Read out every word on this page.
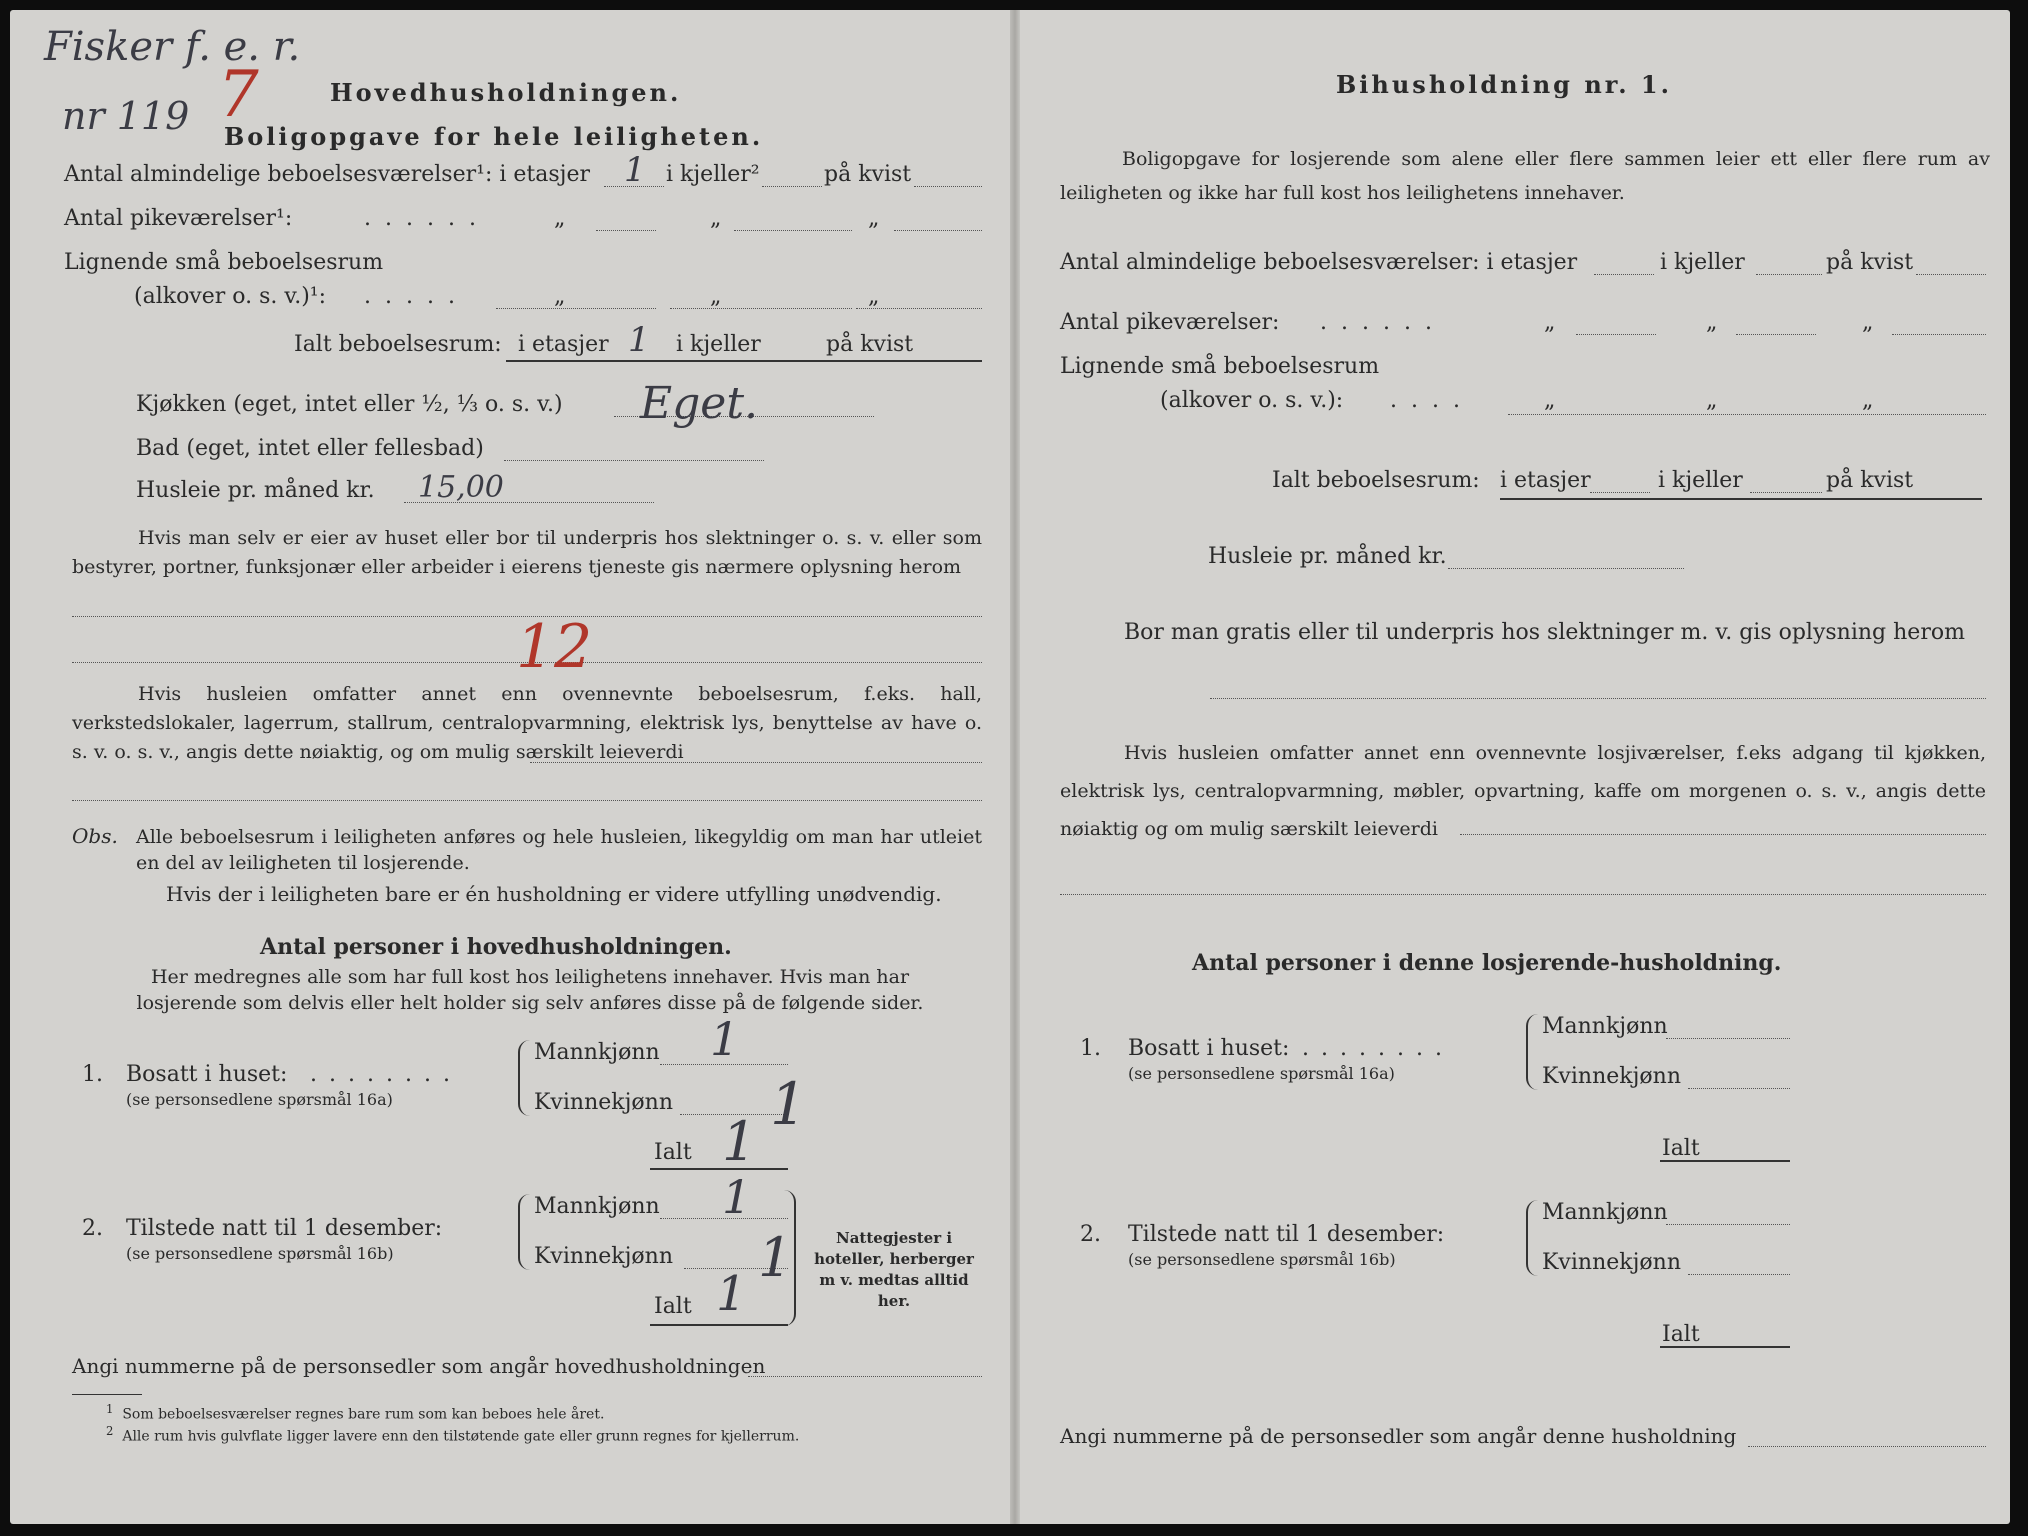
Fisker f. e. r.
nr 119 7	Hovedhusholdningen.
Boligopgave for hele leiligheten.
Antal almindelige beboelsesværelser¹: i etasjer 1 i kjeller²	på kvist
Antal pikeværelser¹:	......	„	„	„
Lignende små beboelsesrum
(alkover o. s. v.)¹: .....	„	„	„
Ialt beboelsesrum: i etasjer 1 i kjeller	på kvist
Kjøkken (eget, intet eller ½, ⅓ o. s. v.) Eget.
Bad (eget, intet eller fellesbad)
Husleie pr. måned kr. 15,00
Hvis man selv er eier av huset eller bor til underpris hos slektninger o. s. v. eller som bestyrer, portner, funksjonær eller arbeider i eierens tjeneste gis nærmere oplysning herom
12
Hvis husleien omfatter annet enn ovennevnte beboelsesrum, f.eks. hall, verkstedslokaler, lagerrum, stallrum, centralopvarmning, elektrisk lys, benyttelse av have o. s. v. o. s. v., angis dette nøiaktig, og om mulig særskilt leieverdi
Obs. Alle beboelsesrum i leiligheten anføres og hele husleien, likegyldig om man har utleiet en del av leiligheten til losjerende.
Hvis der i leiligheten bare er én husholdning er videre utfylling unødvendig.
Antal personer i hovedhusholdningen.
Her medregnes alle som har full kost hos leilighetens innehaver. Hvis man har losjerende som delvis eller helt holder sig selv anføres disse på de følgende sider.
1. Bosatt i huset: ........
(se personsedlene spørsmål 16a)
Mannkjønn 1
Kvinnekjønn 1
Ialt 1
2. Tilstede natt til 1 desember:
(se personsedlene spørsmål 16b)
Mannkjønn 1
Kvinnekjønn 1
Ialt 1
Nattegjester i hoteller, herberger m v. medtas alltid her.
Angi nummerne på de personsedler som angår hovedhusholdningen
$^1$ Som beboelsesværelser regnes bare rum som kan beboes hele året.
$^2$ Alle rum hvis gulvflate ligger lavere enn den tilstøtende gate eller grunn regnes for kjellerrum.
Bihusholdning nr. 1.
Boligopgave for losjerende som alene eller flere sammen leier ett eller flere rum av leiligheten og ikke har full kost hos leilighetens innehaver.
Antal almindelige beboelsesværelser: i etasjer	i kjeller	på kvist
Antal pikeværelser: ......	„	„	„
Lignende små beboelsesrum
(alkover o. s. v.): ....	„	„	„
Ialt beboelsesrum: i etasjer	i kjeller	på kvist
Husleie pr. måned kr.
Bor man gratis eller til underpris hos slektninger m. v. gis oplysning herom
Hvis husleien omfatter annet enn ovennevnte losjiværelser, f.eks adgang til kjøkken, elektrisk lys, centralopvarmning, møbler, opvartning, kaffe om morgenen o. s. v., angis dette nøiaktig og om mulig særskilt leieverdi
Antal personer i denne losjerende-husholdning.
1. Bosatt i huset: ........
(se personsedlene spørsmål 16a)
Mannkjønn
Kvinnekjønn
Ialt
2. Tilstede natt til 1 desember:
(se personsedlene spørsmål 16b)
Mannkjønn
Kvinnekjønn
Ialt
Angi nummerne på de personsedler som angår denne husholdning
